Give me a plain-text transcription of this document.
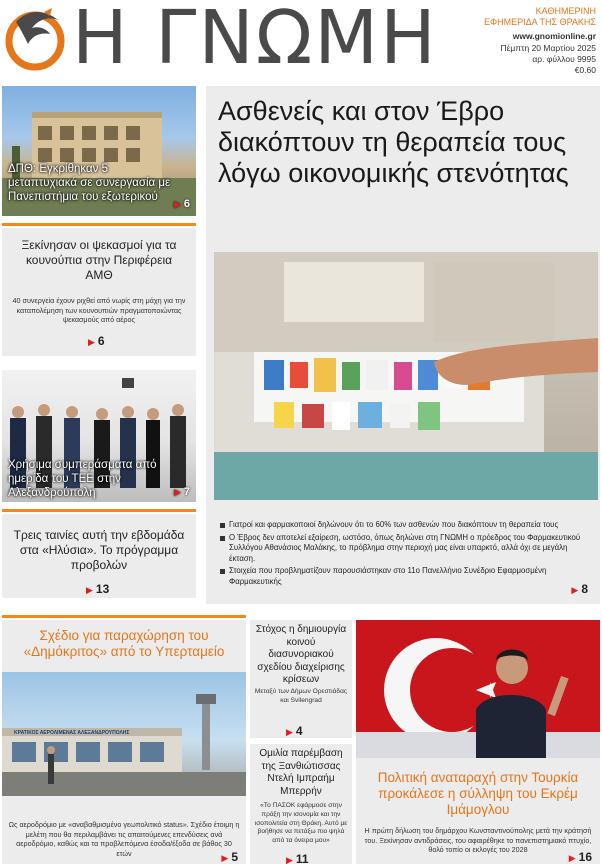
Η ΓΝΩΜΗ	ΚΑΘΗΜΕΡΙΝΗ
ΕΦΗΜΕΡΙΔΑ ΤΗΣ ΘΡΑΚΗΣ
www.gnomionline.gr
Πέμπτη 20 Μαρτίου 2025
αρ. φύλλου 9995
€0.60
ΔΠΘ: Εγκρίθηκαν 5 μεταπτυχιακά σε συνεργασία με Πανεπιστήμια του εξωτερικού
▶ 6
Ξεκίνησαν οι ψεκασμοί για τα κουνούπια στην Περιφέρεια ΑΜΘ
40 συνεργεία έχουν ριχθεί από νωρίς στη μάχη για την καταπολέμηση των κουνουπιών πραγματοποιώντας ψεκασμούς από αέρος
▶ 6
Χρήσιμα συμπεράσματα από ημερίδα του ΤΕΕ στην Αλεξανδρούπολη	▶ 7
Τρεις ταινίες αυτή την εβδομάδα στα «Ηλύσια». Το πρόγραμμα προβολών
▶ 13
Ασθενείς και στον Έβρο διακόπτουν τη θεραπεία τους λόγω οικονομικής στενότητας
Γιατροί και φαρμακοποιοί δηλώνουν ότι το 60% των ασθενών που διακόπτουν τη θεραπεία τους
Ο Έβρος δεν αποτελεί εξαίρεση, ωστόσο, όπως δηλώνει στη ΓΝΩΜΗ ο πρόεδρος του Φαρμακευτικού Συλλόγου Αθανάσιος Μαλάκης, το πρόβλημα στην περιοχή μας είναι υπαρκτό, αλλά όχι σε μεγάλη έκταση.
Στοιχεία που προβληματίζουν παρουσιάστηκαν στο 11ο Πανελλήνιο Συνέδριο Εφαρμοσμένη Φαρμακευτικής
▶ 8
Σχέδιο για παραχώρηση του «Δημόκριτος» από το Υπερταμείο
ΚΡΑΤΙΚΟΣ ΑΕΡΟΛΙΜΕΝΑΣ ΑΛΕΞΑΝΔΡΟΥΠΟΛΗΣ
Ως αεροδρόμιο με «αναβαθμισμένο γεωπολιτικό status». Σχέδιο έτοιμη η μελέτη που θα περιλαμβάνει τις απαιτούμενες επενδύσεις ανά αεροδρόμιο, καθώς και τα προβλεπόμενα έσοδα/έξοδα σε βάθος 30 ετών	▶ 5
Στόχος η δημιουργία κοινού διασυνοριακού σχεδίου διαχείρισης κρίσεων
Μεταξύ των Δήμων Ορεστιάδας και Svilengrad
▶ 4
Ομιλία παρέμβαση της Ξανθιώτισσας Ντελή Ιμπραήμ Μπερρήν
«Το ΠΑΣΟΚ εφάρμοσε στην πράξη την ισονομία και την ισοπολιτεία στη Θράκη. Αυτό με βοήθησε να πετάξω πιο ψηλά από τα όνειρα μου»
▶ 11
Πολιτική αναταραχή στην Τουρκία προκάλεσε η σύλληψη του Εκρέμ Ιμάμογλου
Η πρώτη δήλωση του δημάρχου Κωνσταντινούπολης μετά την κράτησή του. Ξεκίνησαν αντιδράσεις, του αφαιρέθηκε το πανεπιστημιακό πτυχίο, θολό τοπίο οι εκλογές του 2028
▶ 16
